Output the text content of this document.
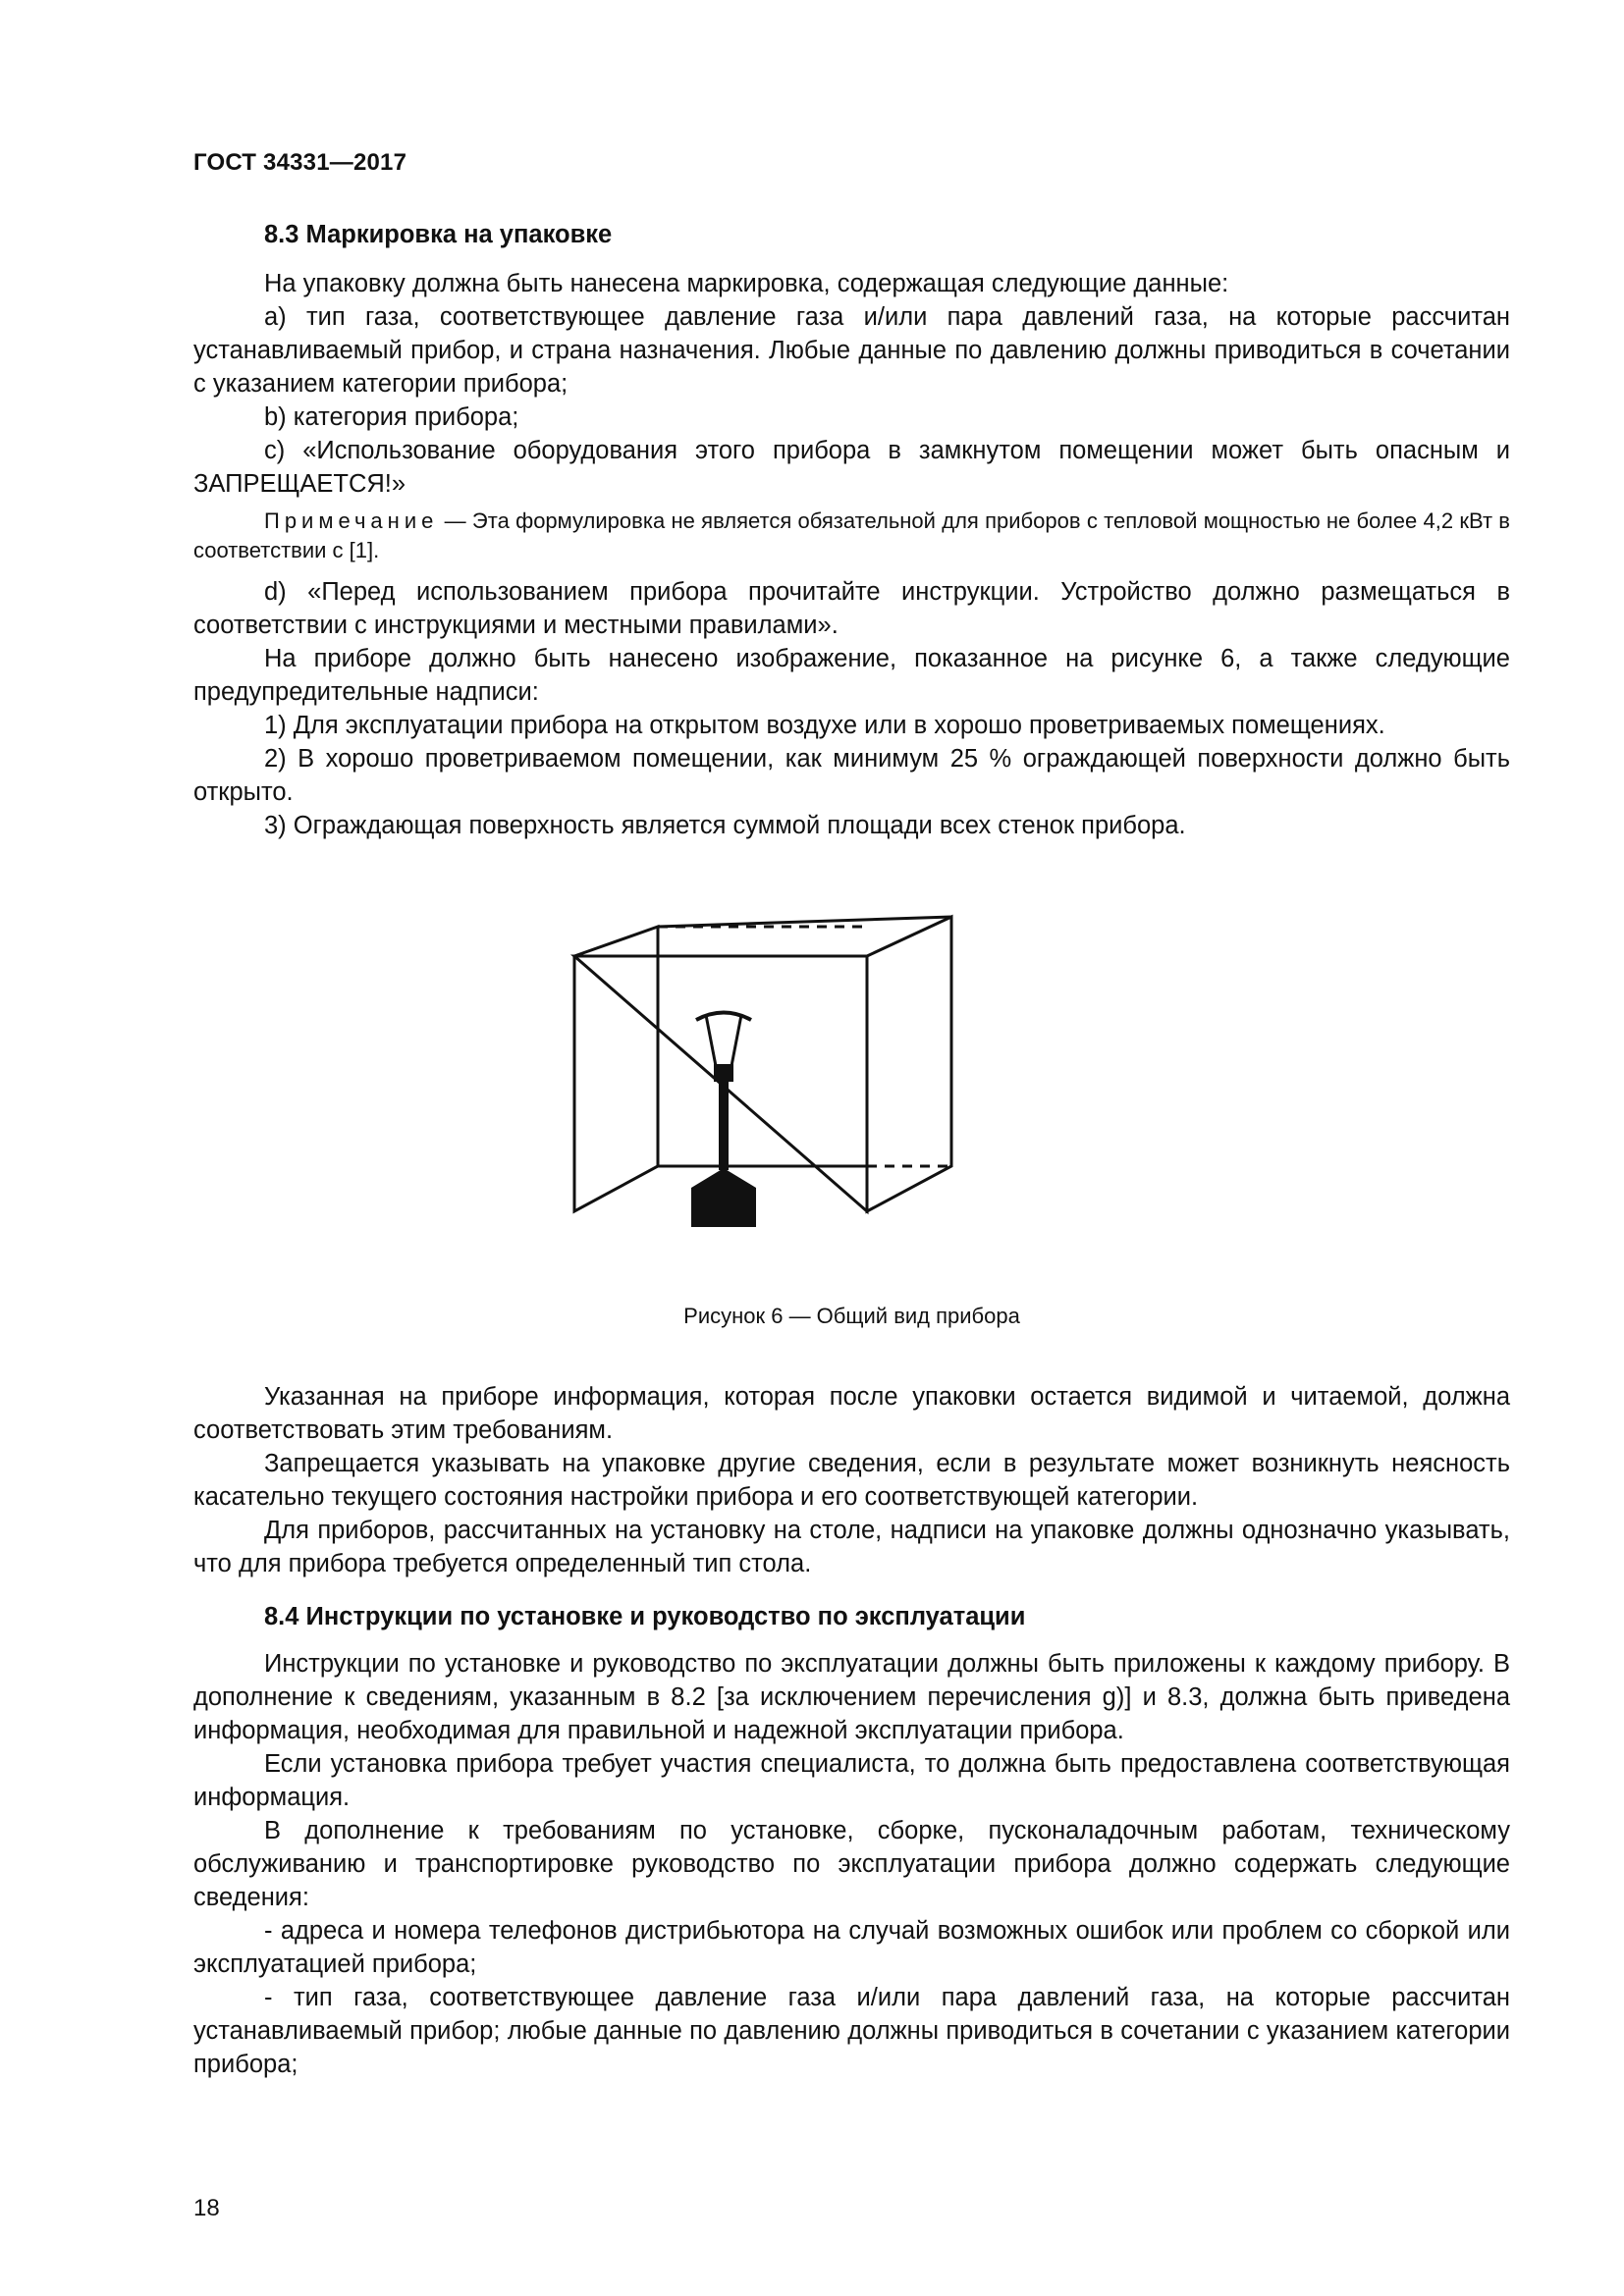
ГОСТ 34331—2017

8.3 Маркировка на упаковке

На упаковку должна быть нанесена маркировка, содержащая следующие данные:

а) тип газа, соответствующее давление газа и/или пара давлений газа, на которые рассчитан устанавливаемый прибор, и страна назначения. Любые данные по давлению должны приводиться в сочетании с указанием категории прибора;

b) категория прибора;

с) «Использование оборудования этого прибора в замкнутом помещении может быть опасным и ЗАПРЕЩАЕТСЯ!»

Примечание — Эта формулировка не является обязательной для приборов с тепловой мощностью не более 4,2 кВт в соответствии с [1].

d) «Перед использованием прибора прочитайте инструкции. Устройство должно размещаться в соответствии с инструкциями и местными правилами».

На приборе должно быть нанесено изображение, показанное на рисунке 6, а также следующие предупредительные надписи:

1) Для эксплуатации прибора на открытом воздухе или в хорошо проветриваемых помещениях.

2) В хорошо проветриваемом помещении, как минимум 25 % ограждающей поверхности должно быть открыто.

3) Ограждающая поверхность является суммой площади всех стенок прибора.

Рисунок 6 — Общий вид прибора

Указанная на приборе информация, которая после упаковки остается видимой и читаемой, должна соответствовать этим требованиям.

Запрещается указывать на упаковке другие сведения, если в результате может возникнуть неясность касательно текущего состояния настройки прибора и его соответствующей категории.

Для приборов, рассчитанных на установку на столе, надписи на упаковке должны однозначно указывать, что для прибора требуется определенный тип стола.

8.4 Инструкции по установке и руководство по эксплуатации

Инструкции по установке и руководство по эксплуатации должны быть приложены к каждому прибору. В дополнение к сведениям, указанным в 8.2 [за исключением перечисления g)] и 8.3, должна быть приведена информация, необходимая для правильной и надежной эксплуатации прибора.

Если установка прибора требует участия специалиста, то должна быть предоставлена соответствующая информация.

В дополнение к требованиям по установке, сборке, пусконаладочным работам, техническому обслуживанию и транспортировке руководство по эксплуатации прибора должно содержать следующие сведения:

- адреса и номера телефонов дистрибьютора на случай возможных ошибок или проблем со сборкой или эксплуатацией прибора;

- тип газа, соответствующее давление газа и/или пара давлений газа, на которые рассчитан устанавливаемый прибор; любые данные по давлению должны приводиться в сочетании с указанием категории прибора;

18
